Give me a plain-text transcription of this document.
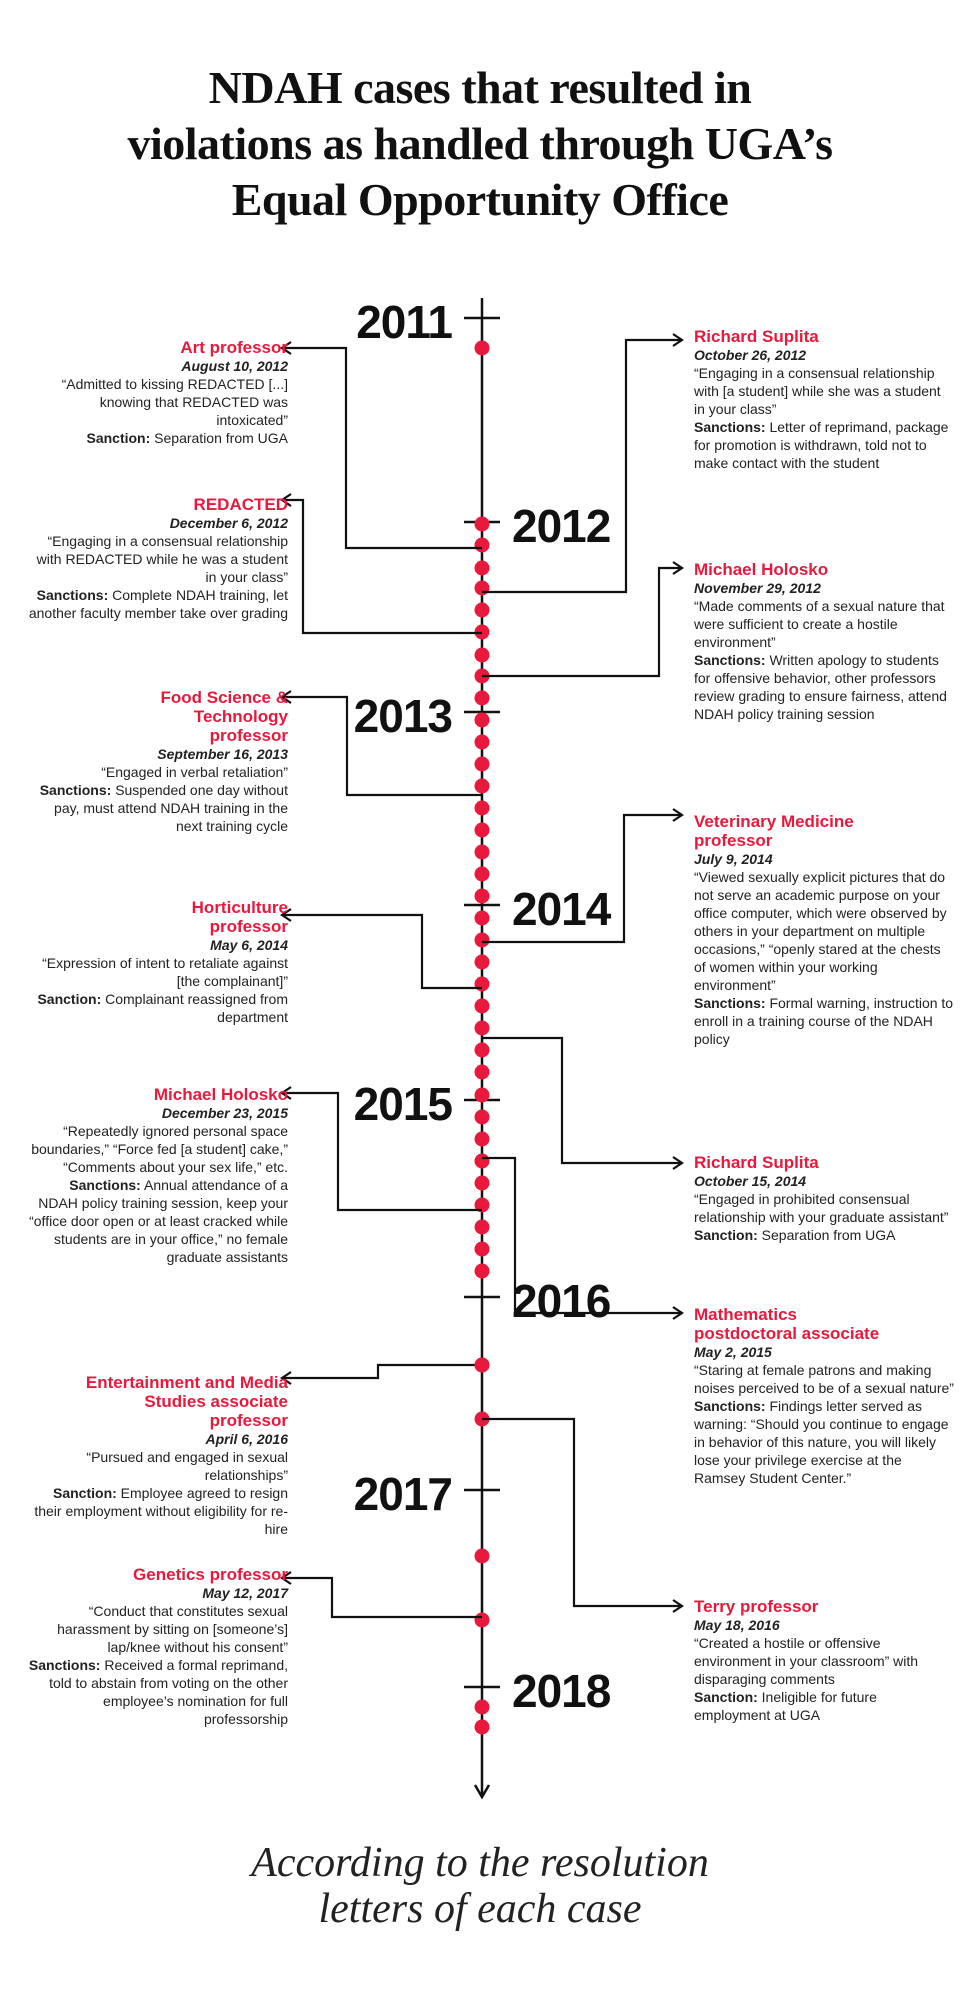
NDAH cases that resulted in
violations as handled through UGA’s
Equal Opportunity Office
2011
2012
2013
2014
2015
2016
2017
2018
Art professor
August 10, 2012
“Admitted to kissing REDACTED [...] knowing that REDACTED was intoxicated”
Sanction: Separation from UGA
REDACTED
December 6, 2012
“Engaging in a consensual relationship with REDACTED while he was a student in your class”
Sanctions: Complete NDAH training, let another faculty member take over grading
Food Science & Technology professor
September 16, 2013
“Engaged in verbal retaliation”
Sanctions: Suspended one day without pay, must attend NDAH training in the next training cycle
Horticulture professor
May 6, 2014
“Expression of intent to retaliate against [the complainant]”
Sanction: Complainant reassigned from department
Michael Holosko
December 23, 2015
“Repeatedly ignored personal space boundaries,” “Force fed [a student] cake,” “Comments about your sex life,” etc.
Sanctions: Annual attendance of a NDAH policy training session, keep your “office door open or at least cracked while students are in your office,” no female graduate assistants
Entertainment and Media Studies associate professor
April 6, 2016
“Pursued and engaged in sexual relationships”
Sanction: Employee agreed to resign their employment without eligibility for re-hire
Genetics professor
May 12, 2017
“Conduct that constitutes sexual harassment by sitting on [someone’s] lap/knee without his consent”
Sanctions: Received a formal reprimand, told to abstain from voting on the other employee’s nomination for full professorship
Richard Suplita
October 26, 2012
“Engaging in a consensual relationship with [a student] while she was a student in your class”
Sanctions: Letter of reprimand, package for promotion is withdrawn, told not to make contact with the student
Michael Holosko
November 29, 2012
“Made comments of a sexual nature that were sufficient to create a hostile environment”
Sanctions: Written apology to students for offensive behavior, other professors review grading to ensure fairness, attend NDAH policy training session
Veterinary Medicine professor
July 9, 2014
“Viewed sexually explicit pictures that do not serve an academic purpose on your office computer, which were observed by others in your department on multiple occasions,” “openly stared at the chests of women within your working environment”
Sanctions: Formal warning, instruction to enroll in a training course of the NDAH policy
Richard Suplita
October 15, 2014
“Engaged in prohibited consensual relationship with your graduate assistant”
Sanction: Separation from UGA
Mathematics postdoctoral associate
May 2, 2015
“Staring at female patrons and making noises perceived to be of a sexual nature”
Sanctions: Findings letter served as warning: “Should you continue to engage in behavior of this nature, you will likely lose your privilege exercise at the Ramsey Student Center.”
Terry professor
May 18, 2016
“Created a hostile or offensive environment in your classroom” with disparaging comments
Sanction: Ineligible for future employment at UGA
According to the resolution
letters of each case
